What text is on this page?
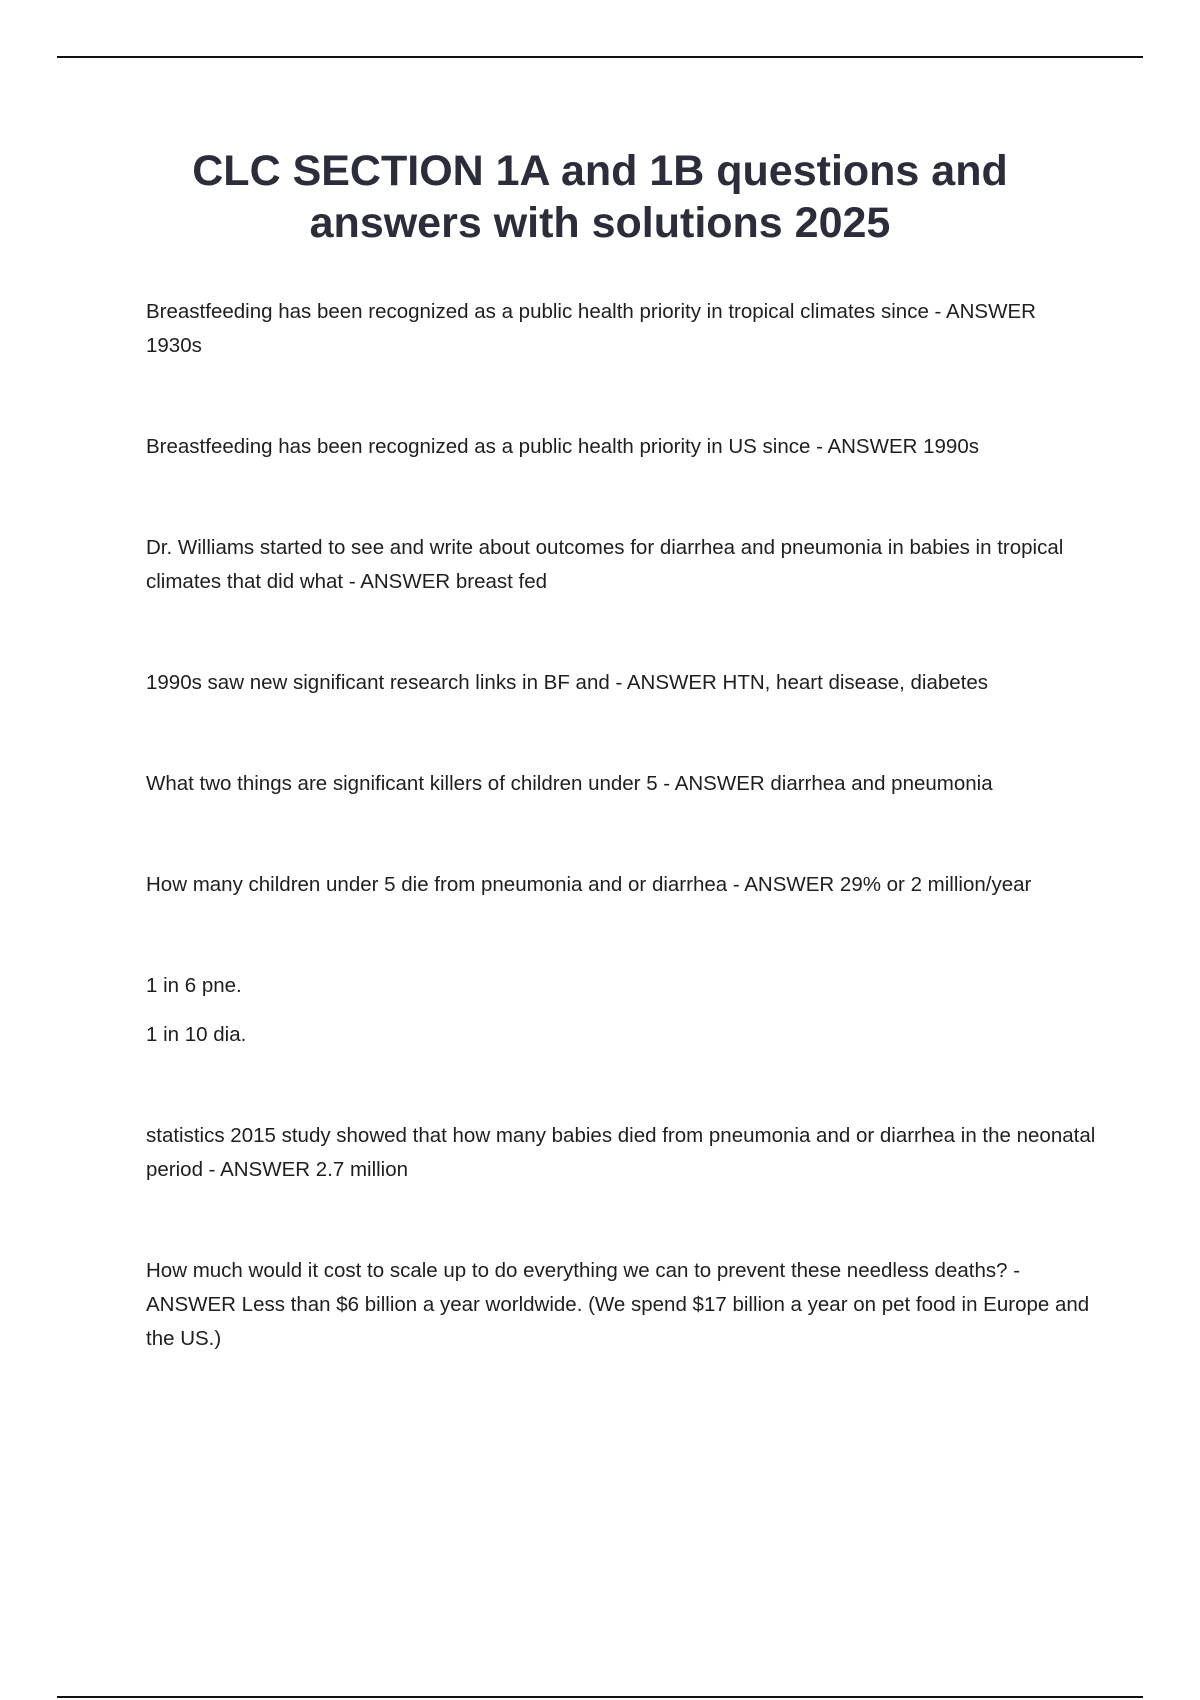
CLC SECTION 1A and 1B questions and
answers with solutions 2025

Breastfeeding has been recognized as a public health priority in tropical climates since - ANSWER 1930s

Breastfeeding has been recognized as a public health priority in US since - ANSWER 1990s

Dr. Williams started to see and write about outcomes for diarrhea and pneumonia in babies in tropical climates that did what - ANSWER breast fed

1990s saw new significant research links in BF and - ANSWER HTN, heart disease, diabetes

What two things are significant killers of children under 5 - ANSWER diarrhea and pneumonia

How many children under 5 die from pneumonia and or diarrhea - ANSWER 29% or 2 million/year

1 in 6 pne.

1 in 10 dia.

statistics 2015 study showed that how many babies died from pneumonia and or diarrhea in the neonatal period - ANSWER 2.7 million

How much would it cost to scale up to do everything we can to prevent these needless deaths? - ANSWER Less than $6 billion a year worldwide. (We spend $17 billion a year on pet food in Europe and the US.)
